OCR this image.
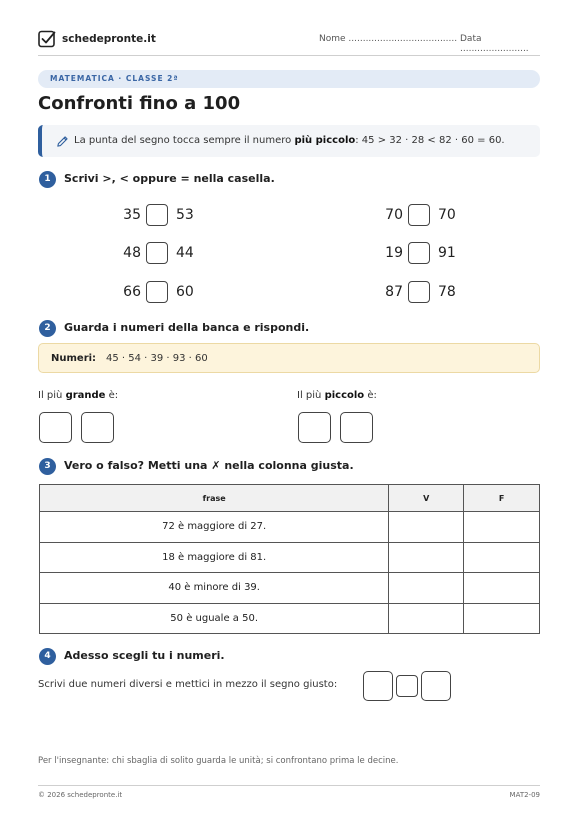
schedepronte.it	Nome ...................................... Data ........................
MATEMATICA · CLASSE 2ª
Confronti fino a 100
La punta del segno tocca sempre il numero più piccolo: 45 > 32 · 28 < 82 · 60 = 60.
1	Scrivi >, < oppure = nella casella.
35	53	70	70
48	44	19	91
66	60	87	78
2	Guarda i numeri della banca e rispondi.
Numeri: 45 · 54 · 39 · 93 · 60
Il più grande è:	Il più piccolo è:
3	Vero o falso? Metti una ✗ nella colonna giusta.
frase	V	F
72 è maggiore di 27.		
18 è maggiore di 81.		
40 è minore di 39.		
50 è uguale a 50.		
4	Adesso scegli tu i numeri.
Scrivi due numeri diversi e mettici in mezzo il segno giusto:
Per l'insegnante: chi sbaglia di solito guarda le unità; si confrontano prima le decine.
© 2026 schedepronte.it	MAT2-09
